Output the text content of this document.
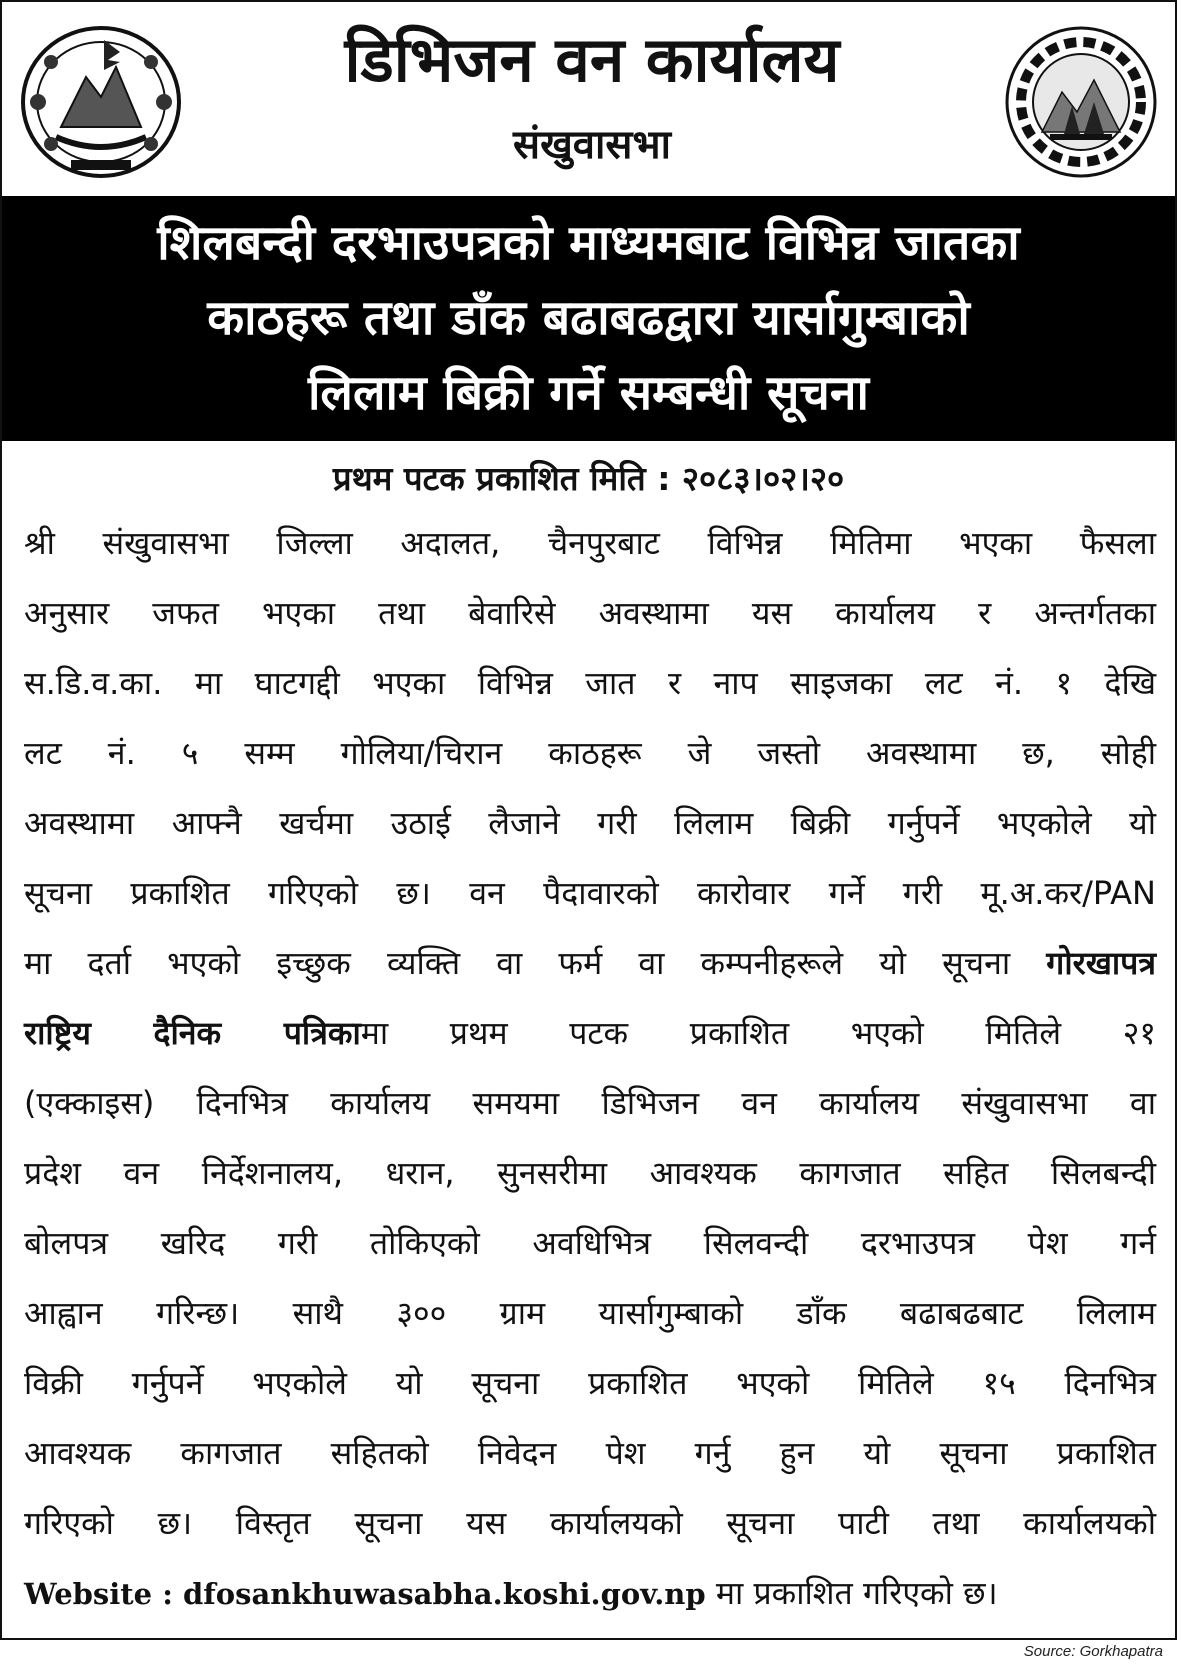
डिभिजन वन कार्यालय
संखुवासभा
शिलबन्दी दरभाउपत्रको माध्यमबाट विभिन्न जातका
काठहरू तथा डाँक बढाबढद्वारा यार्सागुम्बाको
लिलाम बिक्री गर्ने सम्बन्धी सूचना
प्रथम पटक प्रकाशित मिति : २०८३।०२।२०
श्री संखुवासभा जिल्ला अदालत, चैनपुरबाट विभिन्न मितिमा भएका फैसला
अनुसार जफत भएका तथा बेवारिसे अवस्थामा यस कार्यालय र अन्तर्गतका
स.डि.व.का. मा घाटगद्दी भएका विभिन्न जात र नाप साइजका लट नं. १ देखि
लट नं. ५ सम्म गोलिया/चिरान काठहरू जे जस्तो अवस्थामा छ, सोही
अवस्थामा आफ्नै खर्चमा उठाई लैजाने गरी लिलाम बिक्री गर्नुपर्ने भएकोले यो
सूचना प्रकाशित गरिएको छ। वन पैदावारको कारोवार गर्ने गरी मू.अ.कर/PAN
मा दर्ता भएको इच्छुक व्यक्ति वा फर्म वा कम्पनीहरूले यो सूचना गोरखापत्र
राष्ट्रिय दैनिक पत्रिकामा प्रथम पटक प्रकाशित भएको मितिले २१
(एक्काइस) दिनभित्र कार्यालय समयमा डिभिजन वन कार्यालय संखुवासभा वा
प्रदेश वन निर्देशनालय, धरान, सुनसरीमा आवश्यक कागजात सहित सिलबन्दी
बोलपत्र खरिद गरी तोकिएको अवधिभित्र सिलवन्दी दरभाउपत्र पेश गर्न
आह्वान गरिन्छ। साथै ३०० ग्राम यार्सागुम्बाको डाँक बढाबढबाट लिलाम
विक्री गर्नुपर्ने भएकोले यो सूचना प्रकाशित भएको मितिले १५ दिनभित्र
आवश्यक कागजात सहितको निवेदन पेश गर्नु हुन यो सूचना प्रकाशित
गरिएको छ। विस्तृत सूचना यस कार्यालयको सूचना पाटी तथा कार्यालयको
Website : dfosankhuwasabha.koshi.gov.np मा प्रकाशित गरिएको छ।
Source: Gorkhapatra
